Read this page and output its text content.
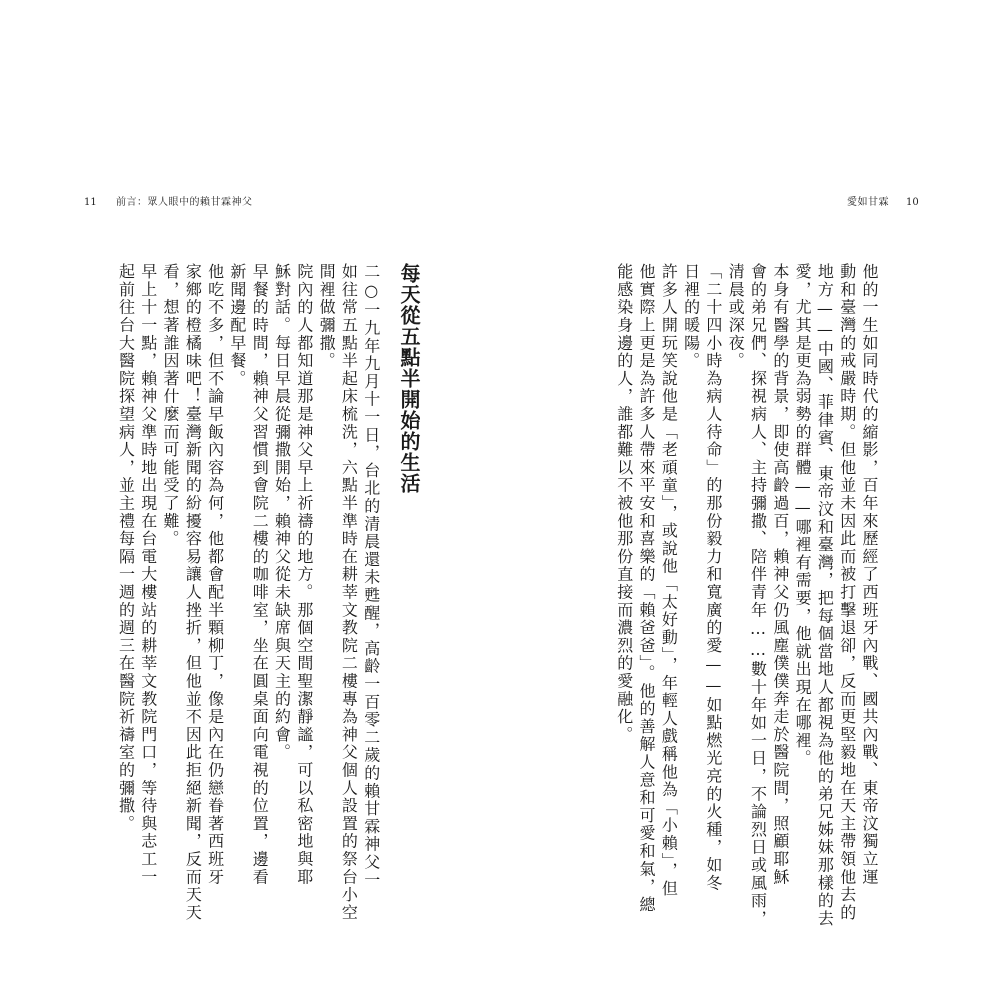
11 前言：眾人眼中的賴甘霖神父
每天從五點半開始的生活
二○一九年九月十一日，台北的清晨還未甦醒，高齡一百零二歲的賴甘霖神父一
如往常五點半起床梳洗，六點半準時在耕莘文教院二樓專為神父個人設置的祭台小空
間裡做彌撒。
院內的人都知道那是神父早上祈禱的地方。那個空間聖潔靜謐，可以私密地與耶
穌對話。每日早晨從彌撒開始，賴神父從未缺席與天主的約會。
早餐的時間，賴神父習慣到會院二樓的咖啡室，坐在圓桌面向電視的位置，邊看
新聞邊配早餐。
他吃不多，但不論早飯內容為何，他都會配半顆柳丁，像是內在仍戀眷著西班牙
家鄉的橙橘味吧！臺灣新聞的紛擾容易讓人挫折，但他並不因此拒絕新聞，反而天天
看，想著誰因著什麼而可能受了難。
早上十一點，賴神父準時地出現在台電大樓站的耕莘文教院門口，等待與志工一
起前往台大醫院探望病人，並主禮每隔一週的週三在醫院祈禱室的彌撒。
愛如甘霖 10
他的一生如同時代的縮影，百年來歷經了西班牙內戰、國共內戰、東帝汶獨立運
動和臺灣的戒嚴時期。但他並未因此而被打擊退卻，反而更堅毅地在天主帶領他去的
地方——中國、菲律賓、東帝汶和臺灣，把每個當地人都視為他的弟兄姊妹那樣的去
愛，尤其是更為弱勢的群體——哪裡有需要，他就出現在哪裡。
本身有醫學的背景，即使高齡過百，賴神父仍風塵僕僕奔走於醫院間，照顧耶穌
會的弟兄們、探視病人、主持彌撒、陪伴青年……數十年如一日，不論烈日或風雨，
清晨或深夜。
「二十四小時為病人待命」的那份毅力和寬廣的愛——如點燃光亮的火種，如冬
日裡的暖陽。
許多人開玩笑說他是「老頑童」，或說他「太好動」，年輕人戲稱他為「小賴」，但
他實際上更是為許多人帶來平安和喜樂的「賴爸爸」。他的善解人意和可愛和氣，總
能感染身邊的人，誰都難以不被他那份直接而濃烈的愛融化。
